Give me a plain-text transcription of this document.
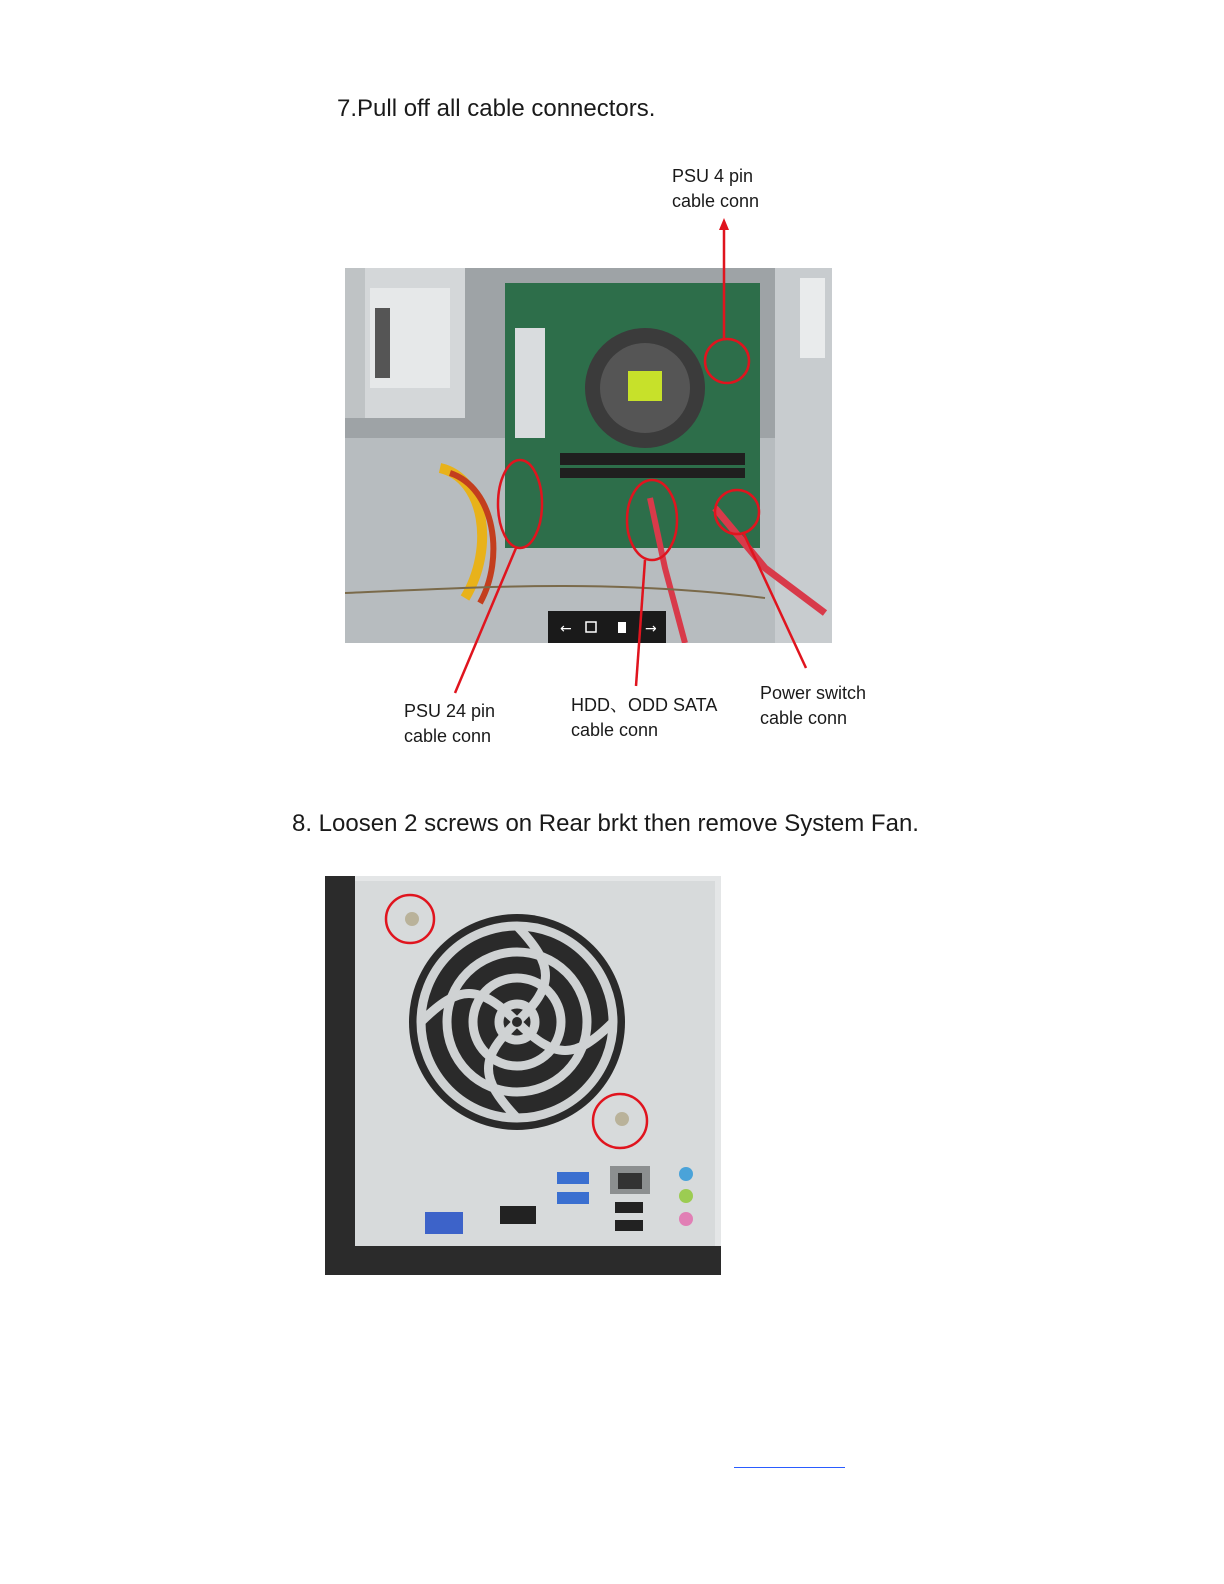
7.Pull off all cable connectors.
PSU 4 pin
cable conn
←	→
PSU 24 pin
cable conn
HDD、ODD SATA
cable conn
Power switch
cable conn
8. Loosen 2 screws on Rear brkt then remove System Fan.
